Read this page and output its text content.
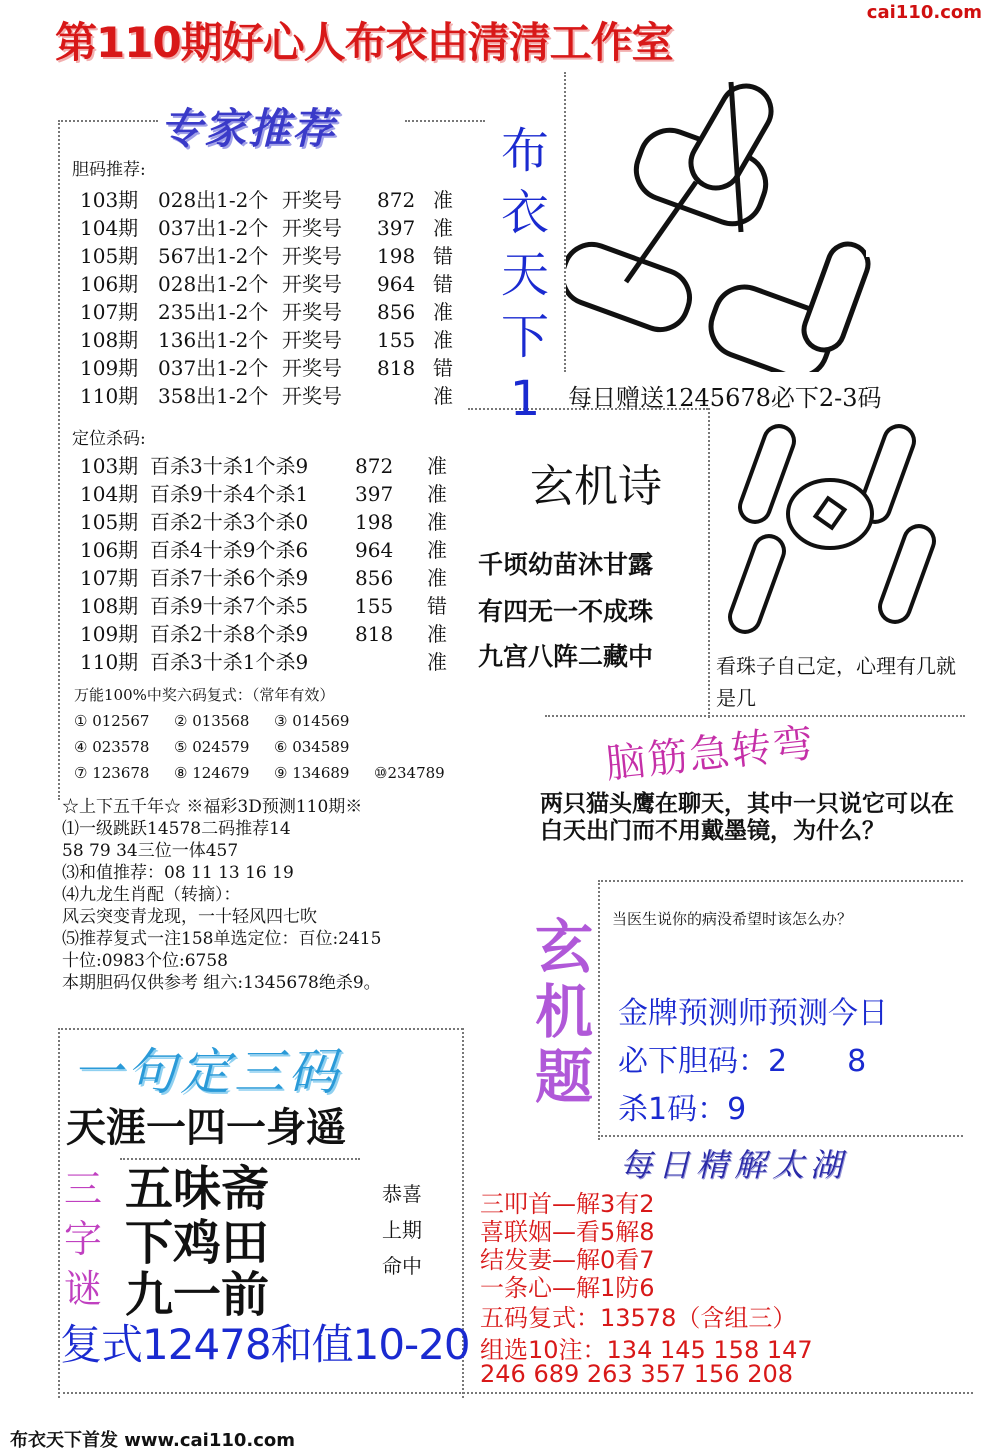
cai110.com
第110期好心人布衣由清清工作室
专家推荐
胆码推荐:
103期 028出1-2个 开奖号 872 准
104期 037出1-2个 开奖号 397 准
105期 567出1-2个 开奖号 198 错
106期 028出1-2个 开奖号 964 错
107期 235出1-2个 开奖号 856 准
108期 136出1-2个 开奖号 155 准
109期 037出1-2个 开奖号 818 错
110期 358出1-2个 开奖号	准
定位杀码:
103期 百杀3十杀1个杀9 872 准
104期 百杀9十杀4个杀1 397 准
105期 百杀2十杀3个杀0 198 准
106期 百杀4十杀9个杀6 964 准
107期 百杀7十杀6个杀9 856 准
108期 百杀9十杀7个杀5 155 错
109期 百杀2十杀8个杀9 818 准
110期 百杀3十杀1个杀9	准
万能100%中奖六码复式：（常年有效）
① 012567 ② 013568 ③ 014569
④ 023578 ⑤ 024579 ⑥ 034589
⑦ 123678 ⑧ 124679 ⑨ 134689 ⑩234789
☆上下五千年☆ ※福彩3D预测110期※
⑴一级跳跃14578二码推荐14
58 79 34三位一体457
⑶和值推荐：08 11 13 16 19
⑷九龙生肖配（转摘）：
风云突变青龙现，一十轻风四七吹
⑸推荐复式一注158单选定位：百位:2415
十位:0983个位:6758
本期胆码仅供参考 组六:1345678绝杀9。
布
衣
天
下
1	每日赠送1245678必下2-3码
玄机诗
千顷幼苗沐甘露
有四无一不成珠
九宫八阵二藏中	看珠子自己定，心理有几就是几
脑筋急转弯
两只猫头鹰在聊天，其中一只说它可以在白天出门而不用戴墨镜，为什么？
玄
机
题
当医生说你的病没希望时该怎么办？
金牌预测师预测今日
必下胆码：2　　8
杀1码：9
每日精解太湖
三叩首—解3有2
喜联姻—看5解8
结发妻—解0看7
一条心—解1防6
五码复式：13578（含组三）
组选10注：134 145 158 147
246 689 263 357 156 208
一句定三码
天涯一四一身遥
三
字
谜
五味斋
下鸡田
九一前
恭喜
上期
命中
复式12478和值10-20
布衣天下首发 www.cai110.com
